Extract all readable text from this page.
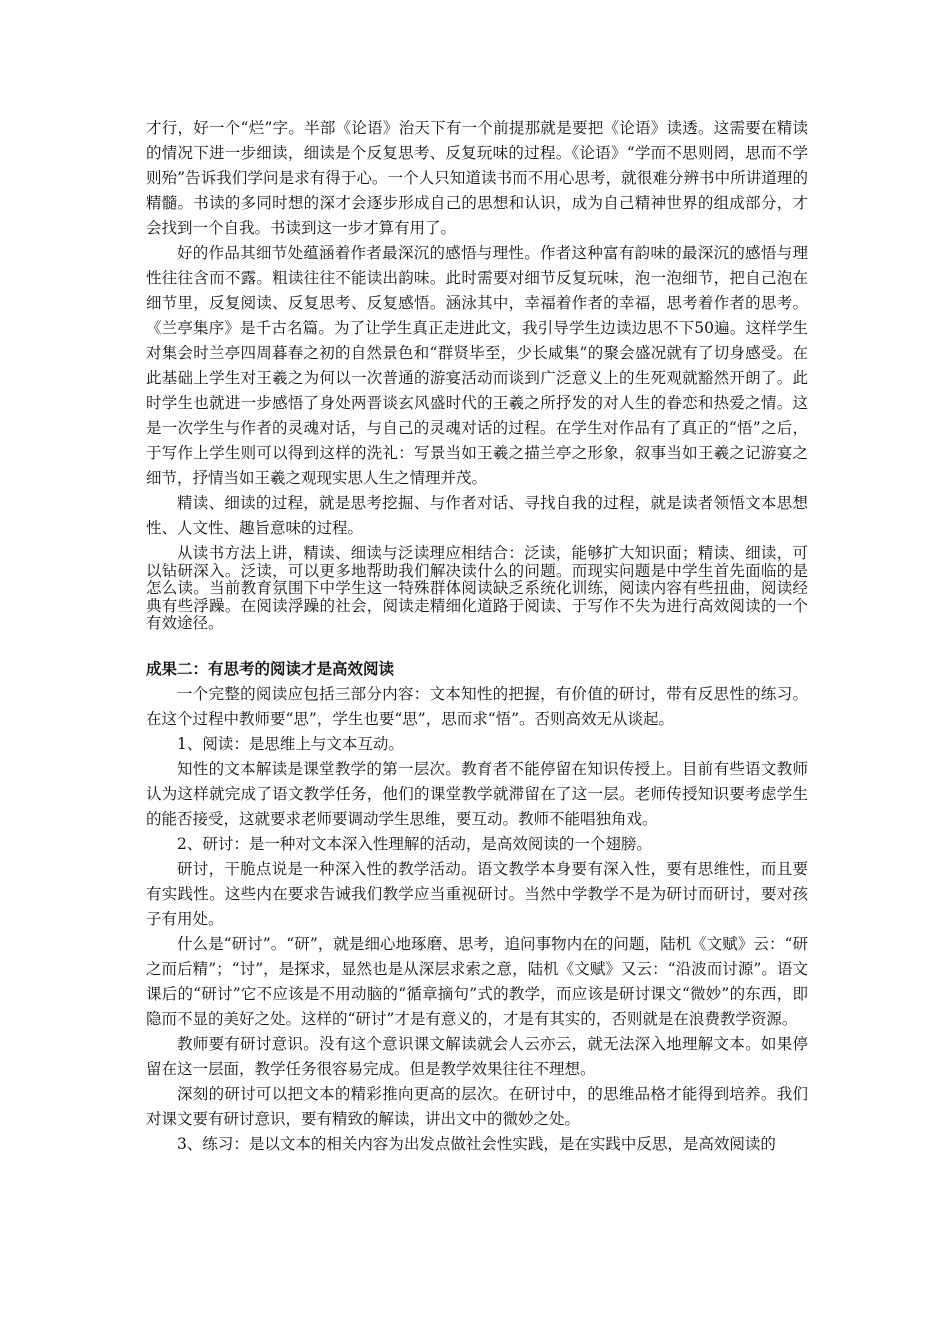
才行，好一个“烂”字。半部《论语》治天下有一个前提那就是要把《论语》读透。这需要在精读的情况下进一步细读，细读是个反复思考、反复玩味的过程。《论语》“学而不思则罔，思而不学则殆”告诉我们学问是求有得于心。一个人只知道读书而不用心思考，就很难分辨书中所讲道理的精髓。书读的多同时想的深才会逐步形成自己的思想和认识，成为自己精神世界的组成部分，才会找到一个自我。书读到这一步才算有用了。

好的作品其细节处蕴涵着作者最深沉的感悟与理性。作者这种富有韵味的最深沉的感悟与理性往往含而不露。粗读往往不能读出韵味。此时需要对细节反复玩味，泡一泡细节，把自己泡在细节里，反复阅读、反复思考、反复感悟。涵泳其中，幸福着作者的幸福，思考着作者的思考。《兰亭集序》是千古名篇。为了让学生真正走进此文，我引导学生边读边思不下50遍。这样学生对集会时兰亭四周暮春之初的自然景色和“群贤毕至，少长咸集”的聚会盛况就有了切身感受。在此基础上学生对王羲之为何以一次普通的游宴活动而谈到广泛意义上的生死观就豁然开朗了。此时学生也就进一步感悟了身处两晋谈玄风盛时代的王羲之所抒发的对人生的眷恋和热爱之情。这是一次学生与作者的灵魂对话，与自己的灵魂对话的过程。在学生对作品有了真正的“悟”之后，于写作上学生则可以得到这样的洗礼：写景当如王羲之描兰亭之形象，叙事当如王羲之记游宴之细节，抒情当如王羲之观现实思人生之情理并茂。

精读、细读的过程，就是思考挖掘、与作者对话、寻找自我的过程，就是读者领悟文本思想性、人文性、趣旨意味的过程。

从读书方法上讲，精读、细读与泛读理应相结合：泛读，能够扩大知识面；精读、细读，可以钻研深入。泛读，可以更多地帮助我们解决读什么的问题。而现实问题是中学生首先面临的是怎么读。当前教育氛围下中学生这一特殊群体阅读缺乏系统化训练，阅读内容有些扭曲，阅读经典有些浮躁。在阅读浮躁的社会，阅读走精细化道路于阅读、于写作不失为进行高效阅读的一个有效途径。

成果二：有思考的阅读才是高效阅读

一个完整的阅读应包括三部分内容：文本知性的把握，有价值的研讨，带有反思性的练习。在这个过程中教师要“思”，学生也要“思”，思而求“悟”。否则高效无从谈起。

1、阅读：是思维上与文本互动。

知性的文本解读是课堂教学的第一层次。教育者不能停留在知识传授上。目前有些语文教师认为这样就完成了语文教学任务，他们的课堂教学就滞留在了这一层。老师传授知识要考虑学生的能否接受，这就要求老师要调动学生思维，要互动。教师不能唱独角戏。

2、研讨：是一种对文本深入性理解的活动，是高效阅读的一个翅膀。

研讨，干脆点说是一种深入性的教学活动。语文教学本身要有深入性，要有思维性，而且要有实践性。这些内在要求告诫我们教学应当重视研讨。当然中学教学不是为研讨而研讨，要对孩子有用处。

什么是“研讨”。“研”，就是细心地琢磨、思考，追问事物内在的问题，陆机《文赋》云：“研之而后精”；“讨”，是探求，显然也是从深层求索之意，陆机《文赋》又云：“沿波而讨源”。语文课后的“研讨”它不应该是不用动脑的“循章摘句”式的教学，而应该是研讨课文“微妙”的东西，即隐而不显的美好之处。这样的“研讨”才是有意义的，才是有其实的，否则就是在浪费教学资源。

教师要有研讨意识。没有这个意识课文解读就会人云亦云，就无法深入地理解文本。如果停留在这一层面，教学任务很容易完成。但是教学效果往往不理想。

深刻的研讨可以把文本的精彩推向更高的层次。在研讨中，的思维品格才能得到培养。我们对课文要有研讨意识，要有精致的解读，讲出文中的微妙之处。

3、练习：是以文本的相关内容为出发点做社会性实践，是在实践中反思，是高效阅读的
